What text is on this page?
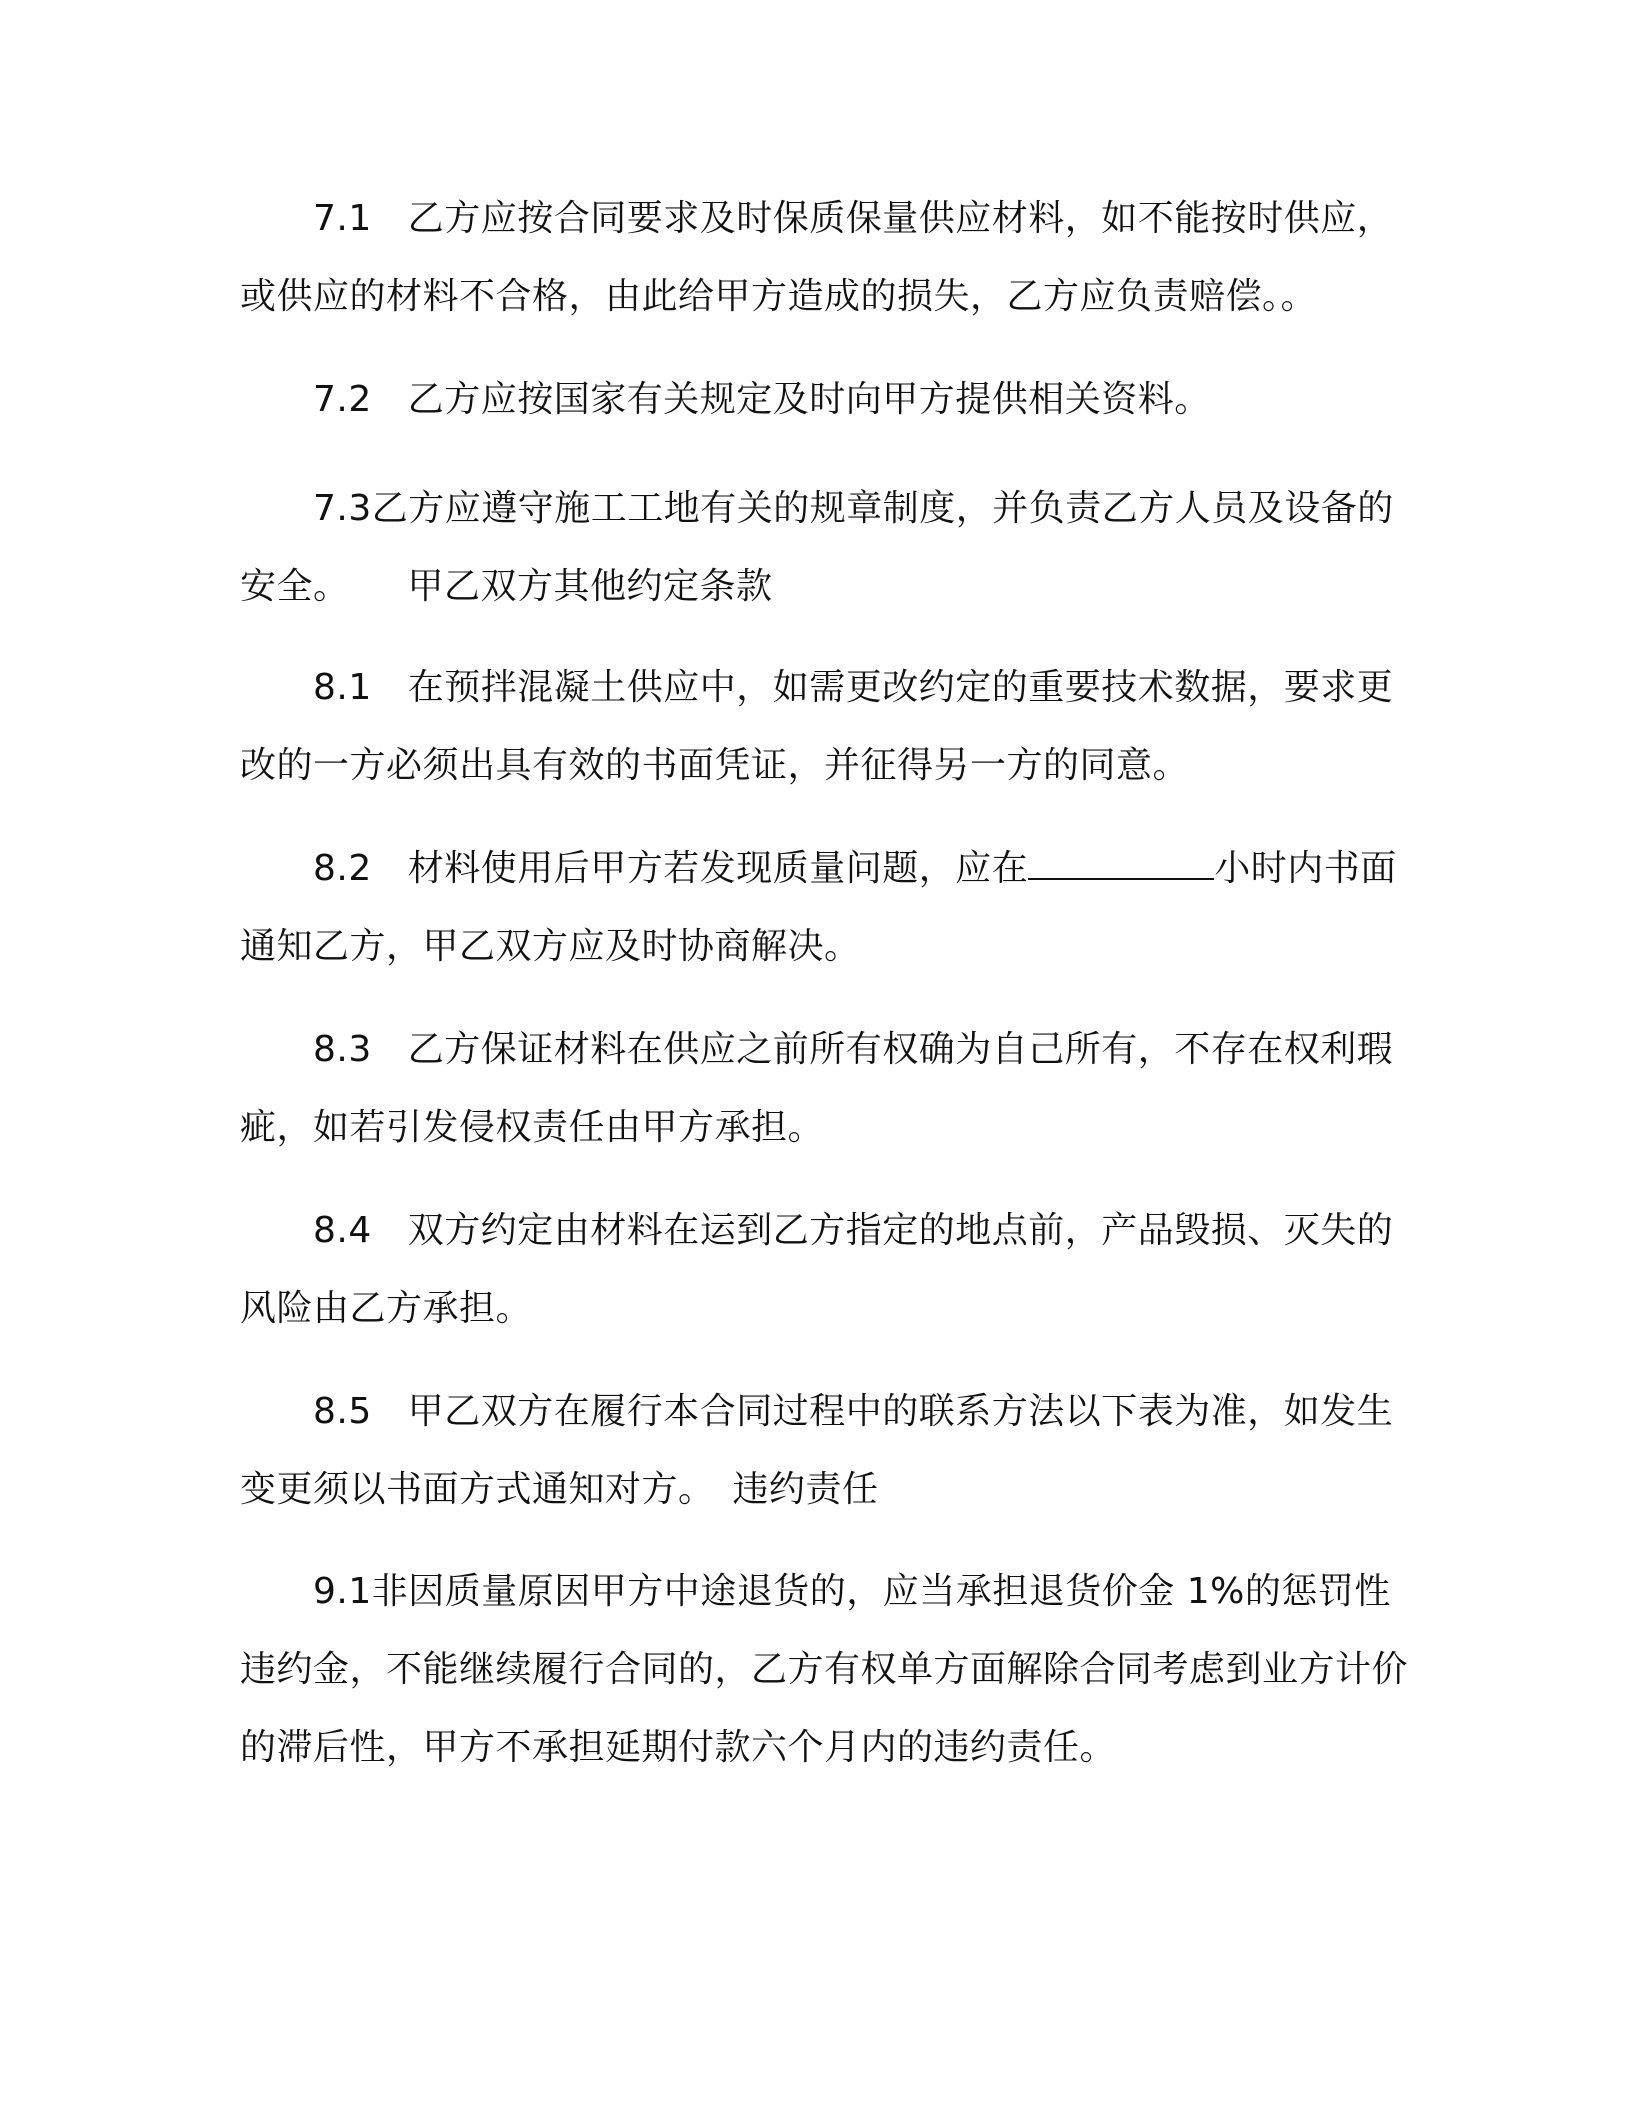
7.1 乙方应按合同要求及时保质保量供应材料，如不能按时供应，或供应的材料不合格，由此给甲方造成的损失，乙方应负责赔偿。。

7.2 乙方应按国家有关规定及时向甲方提供相关资料。

7.3乙方应遵守施工工地有关的规章制度，并负责乙方人员及设备的安全。 甲乙双方其他约定条款

8.1 在预拌混凝土供应中，如需更改约定的重要技术数据，要求更改的一方必须出具有效的书面凭证，并征得另一方的同意。

8.2 材料使用后甲方若发现质量问题，应在	小时内书面通知乙方，甲乙双方应及时协商解决。

8.3 乙方保证材料在供应之前所有权确为自己所有，不存在权利瑕疵，如若引发侵权责任由甲方承担。

8.4 双方约定由材料在运到乙方指定的地点前，产品毁损、灭失的风险由乙方承担。

8.5 甲乙双方在履行本合同过程中的联系方法以下表为准，如发生变更须以书面方式通知对方。 违约责任

9.1非因质量原因甲方中途退货的，应当承担退货价金 1%的惩罚性违约金，不能继续履行合同的，乙方有权单方面解除合同考虑到业方计价的滞后性，甲方不承担延期付款六个月内的违约责任。
